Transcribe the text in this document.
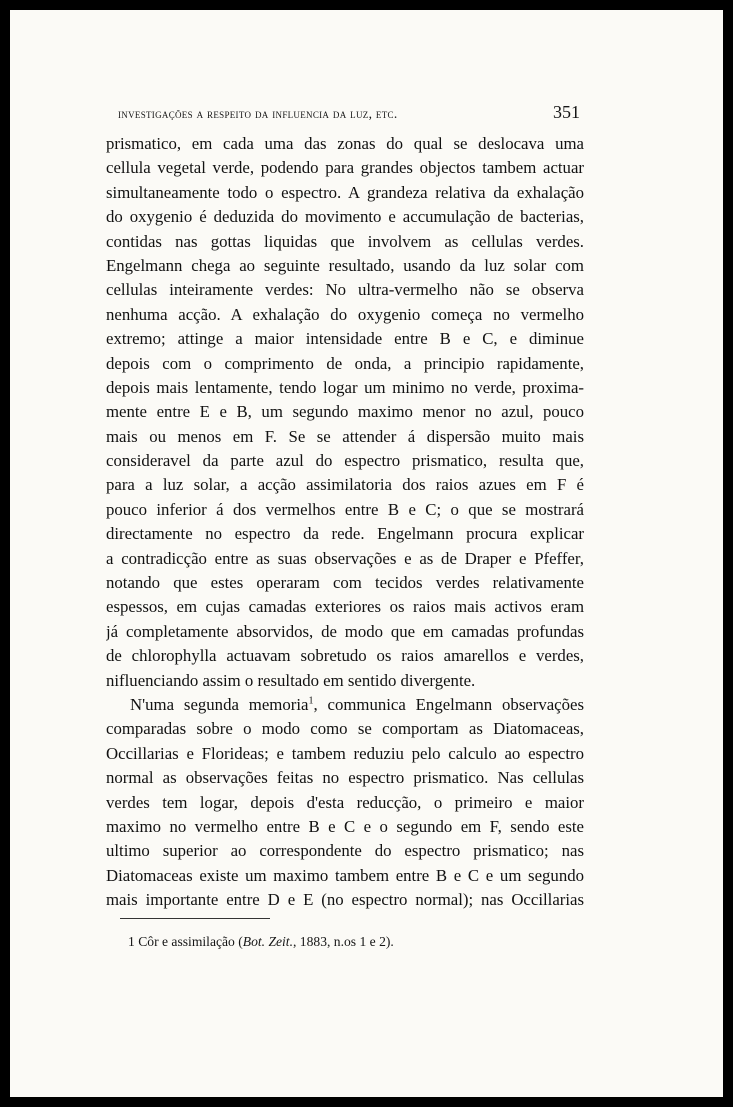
investigações a respeito da influencia da luz, etc.	351
prismatico, em cada uma das zonas do qual se deslocava uma
cellula vegetal verde, podendo para grandes objectos tambem actuar
simultaneamente todo o espectro. A grandeza relativa da exhalação
do oxygenio é deduzida do movimento e accumulação de bacterias,
contidas nas gottas liquidas que involvem as cellulas verdes.
Engelmann chega ao seguinte resultado, usando da luz solar com
cellulas inteiramente verdes: No ultra-vermelho não se observa
nenhuma acção. A exhalação do oxygenio começa no vermelho
extremo; attinge a maior intensidade entre B e C, e diminue
depois com o comprimento de onda, a principio rapidamente,
depois mais lentamente, tendo logar um minimo no verde, proxima-
mente entre E e B, um segundo maximo menor no azul, pouco
mais ou menos em F. Se se attender á dispersão muito mais
consideravel da parte azul do espectro prismatico, resulta que,
para a luz solar, a acção assimilatoria dos raios azues em F é
pouco inferior á dos vermelhos entre B e C; o que se mostrará
directamente no espectro da rede. Engelmann procura explicar
a contradicção entre as suas observações e as de Draper e Pfeffer,
notando que estes operaram com tecidos verdes relativamente
espessos, em cujas camadas exteriores os raios mais activos eram
já completamente absorvidos, de modo que em camadas profundas
de chlorophylla actuavam sobretudo os raios amarellos e verdes,
nifluenciando assim o resultado em sentido divergente.
N'uma segunda memoria$^1$, communica Engelmann observações
comparadas sobre o modo como se comportam as Diatomaceas,
Occillarias e Florideas; e tambem reduziu pelo calculo ao espectro
normal as observações feitas no espectro prismatico. Nas cellulas
verdes tem logar, depois d'esta reducção, o primeiro e maior
maximo no vermelho entre B e C e o segundo em F, sendo este
ultimo superior ao correspondente do espectro prismatico; nas
Diatomaceas existe um maximo tambem entre B e C e um segundo
mais importante entre D e E (no espectro normal); nas Occillarias
1 Côr e assimilação (Bot. Zeit., 1883, n.os 1 e 2).
